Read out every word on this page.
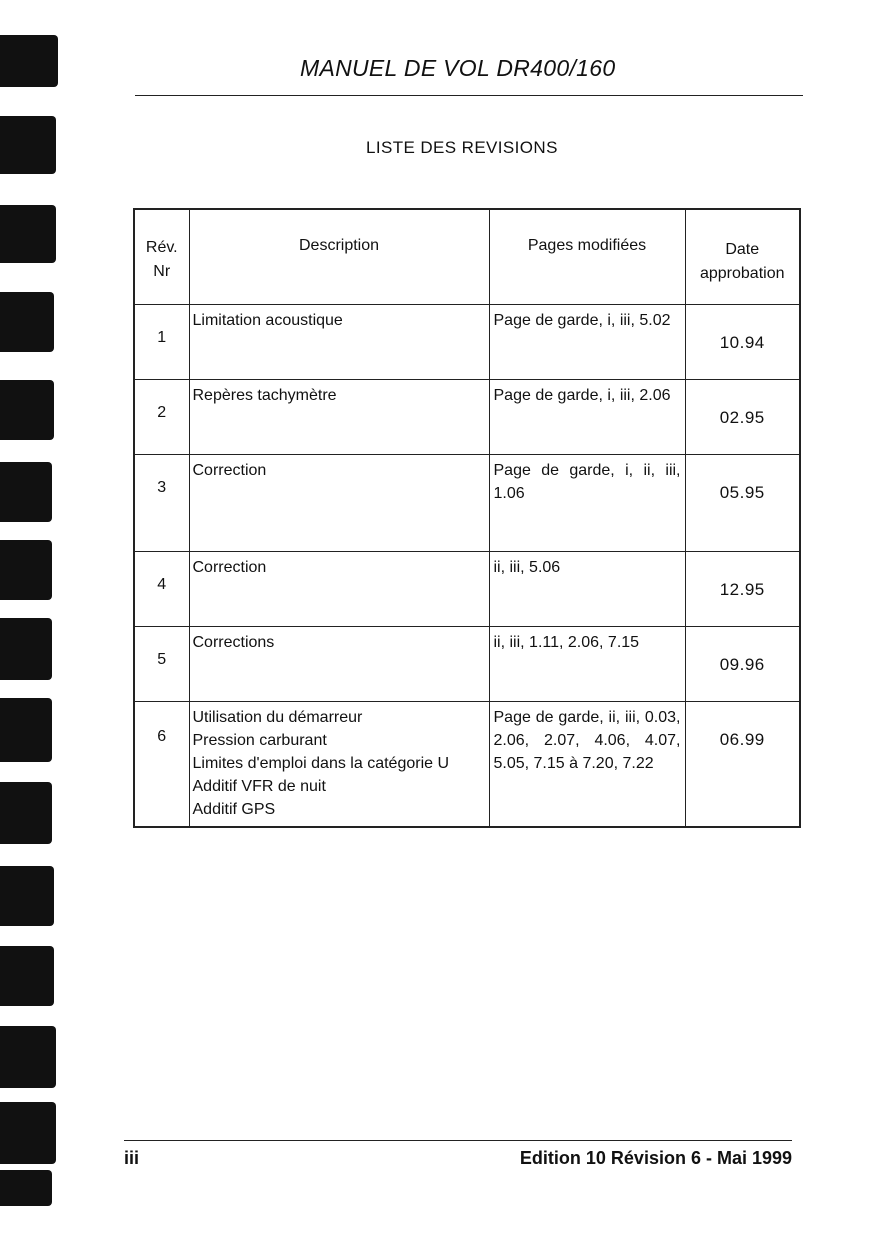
MANUEL DE VOL DR400/160
LISTE DES REVISIONS
Rév.
Nr	Description	Pages modifiées	Date
approbation

1	Limitation acoustique	Page de garde, i, iii, 5.02	10.94

2	Repères tachymètre	Page de garde, i, iii, 2.06	02.95

3	Correction	Page de garde, i, ii, iii, 1.06	05.95

4	Correction	ii, iii, 5.06	12.95

5	Corrections	ii, iii, 1.11, 2.06, 7.15	09.96

6	Utilisation du démarreur
Pression carburant
Limites d'emploi dans la catégorie U
Additif VFR de nuit
Additif GPS	Page de garde, ii, iii, 0.03, 2.06, 2.07, 4.06, 4.07, 5.05, 7.15 à 7.20, 7.22	06.99
iii	Edition 10 Révision 6 - Mai 1999
